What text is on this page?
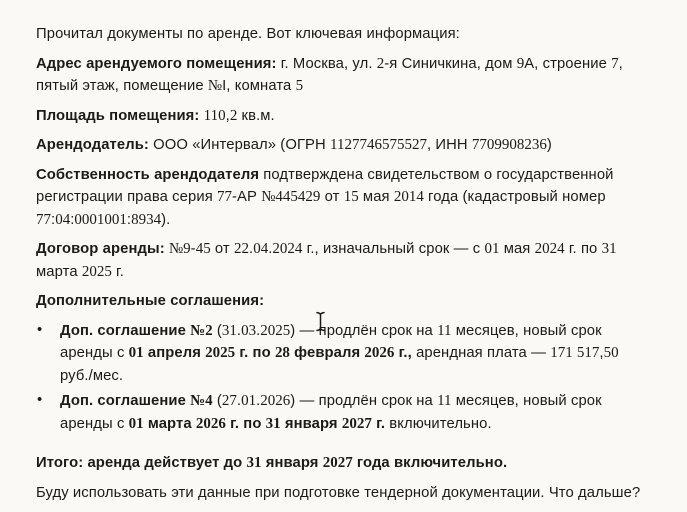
Прочитал документы по аренде. Вот ключевая информация:

Адрес арендуемого помещения: г. Москва, ул. 2-я Синичкина, дом 9А, строение 7, пятый этаж, помещение №I, комната 5

Площадь помещения: 110,2 кв.м.

Арендодатель: ООО «Интервал» (ОГРН 1127746575527, ИНН 7709908236)

Собственность арендодателя подтверждена свидетельством о государственной регистрации права серия 77-АР №445429 от 15 мая 2014 года (кадастровый номер 77:04:0001001:8934).

Договор аренды: №9-45 от 22.04.2024 г., изначальный срок — с 01 мая 2024 г. по 31 марта 2025 г.

Дополнительные соглашения:

• Доп. соглашение №2 (31.03.2025) — продлён срок на 11 месяцев, новый срок аренды с 01 апреля 2025 г. по 28 февраля 2026 г., арендная плата — 171 517,50 руб./мес.
• Доп. соглашение №4 (27.01.2026) — продлён срок на 11 месяцев, новый срок аренды с 01 марта 2026 г. по 31 января 2027 г. включительно.

Итого: аренда действует до 31 января 2027 года включительно.

Буду использовать эти данные при подготовке тендерной документации. Что дальше?
